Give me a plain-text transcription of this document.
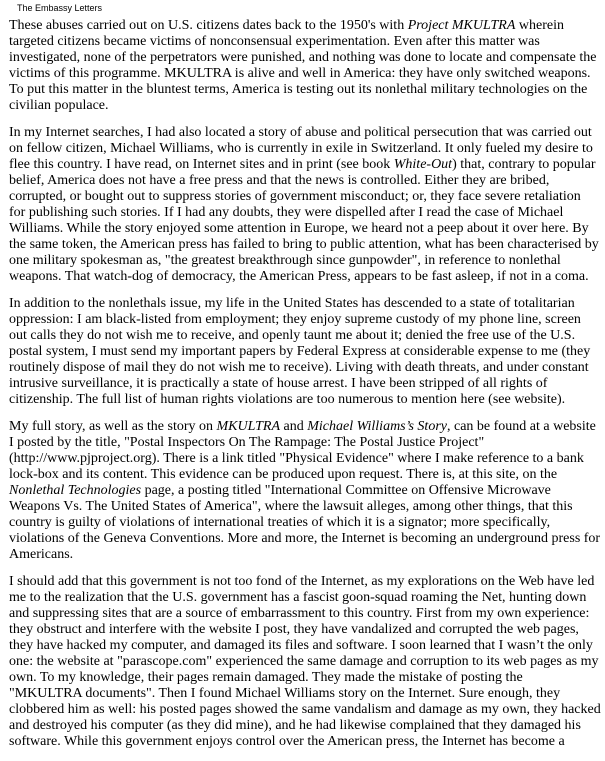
The Embassy Letters

These abuses carried out on U.S. citizens dates back to the 1950's with Project MKULTRA wherein
targeted citizens became victims of nonconsensual experimentation. Even after this matter was
investigated, none of the perpetrators were punished, and nothing was done to locate and compensate the
victims of this programme. MKULTRA is alive and well in America: they have only switched weapons.
To put this matter in the bluntest terms, America is testing out its nonlethal military technologies on the
civilian populace.

In my Internet searches, I had also located a story of abuse and political persecution that was carried out
on fellow citizen, Michael Williams, who is currently in exile in Switzerland. It only fueled my desire to
flee this country. I have read, on Internet sites and in print (see book White-Out) that, contrary to popular
belief, America does not have a free press and that the news is controlled. Either they are bribed,
corrupted, or bought out to suppress stories of government misconduct; or, they face severe retaliation
for publishing such stories. If I had any doubts, they were dispelled after I read the case of Michael
Williams. While the story enjoyed some attention in Europe, we heard not a peep about it over here. By
the same token, the American press has failed to bring to public attention, what has been characterised by
one military spokesman as, "the greatest breakthrough since gunpowder", in reference to nonlethal
weapons. That watch-dog of democracy, the American Press, appears to be fast asleep, if not in a coma.

In addition to the nonlethals issue, my life in the United States has descended to a state of totalitarian
oppression: I am black-listed from employment; they enjoy supreme custody of my phone line, screen
out calls they do not wish me to receive, and openly taunt me about it; denied the free use of the U.S.
postal system, I must send my important papers by Federal Express at considerable expense to me (they
routinely dispose of mail they do not wish me to receive). Living with death threats, and under constant
intrusive surveillance, it is practically a state of house arrest. I have been stripped of all rights of
citizenship. The full list of human rights violations are too numerous to mention here (see website).

My full story, as well as the story on MKULTRA and Michael Williams’s Story, can be found at a website
I posted by the title, "Postal Inspectors On The Rampage: The Postal Justice Project"
(http://www.pjproject.org). There is a link titled "Physical Evidence" where I make reference to a bank
lock-box and its content. This evidence can be produced upon request. There is, at this site, on the
Nonlethal Technologies page, a posting titled "International Committee on Offensive Microwave
Weapons Vs. The United States of America", where the lawsuit alleges, among other things, that this
country is guilty of violations of international treaties of which it is a signator; more specifically,
violations of the Geneva Conventions. More and more, the Internet is becoming an underground press for
Americans.

I should add that this government is not too fond of the Internet, as my explorations on the Web have led
me to the realization that the U.S. government has a fascist goon-squad roaming the Net, hunting down
and suppressing sites that are a source of embarrassment to this country. First from my own experience:
they obstruct and interfere with the website I post, they have vandalized and corrupted the web pages,
they have hacked my computer, and damaged its files and software. I soon learned that I wasn’t the only
one: the website at "parascope.com" experienced the same damage and corruption to its web pages as my
own. To my knowledge, their pages remain damaged. They made the mistake of posting the
"MKULTRA documents". Then I found Michael Williams story on the Internet. Sure enough, they
clobbered him as well: his posted pages showed the same vandalism and damage as my own, they hacked
and destroyed his computer (as they did mine), and he had likewise complained that they damaged his
software. While this government enjoys control over the American press, the Internet has become a
